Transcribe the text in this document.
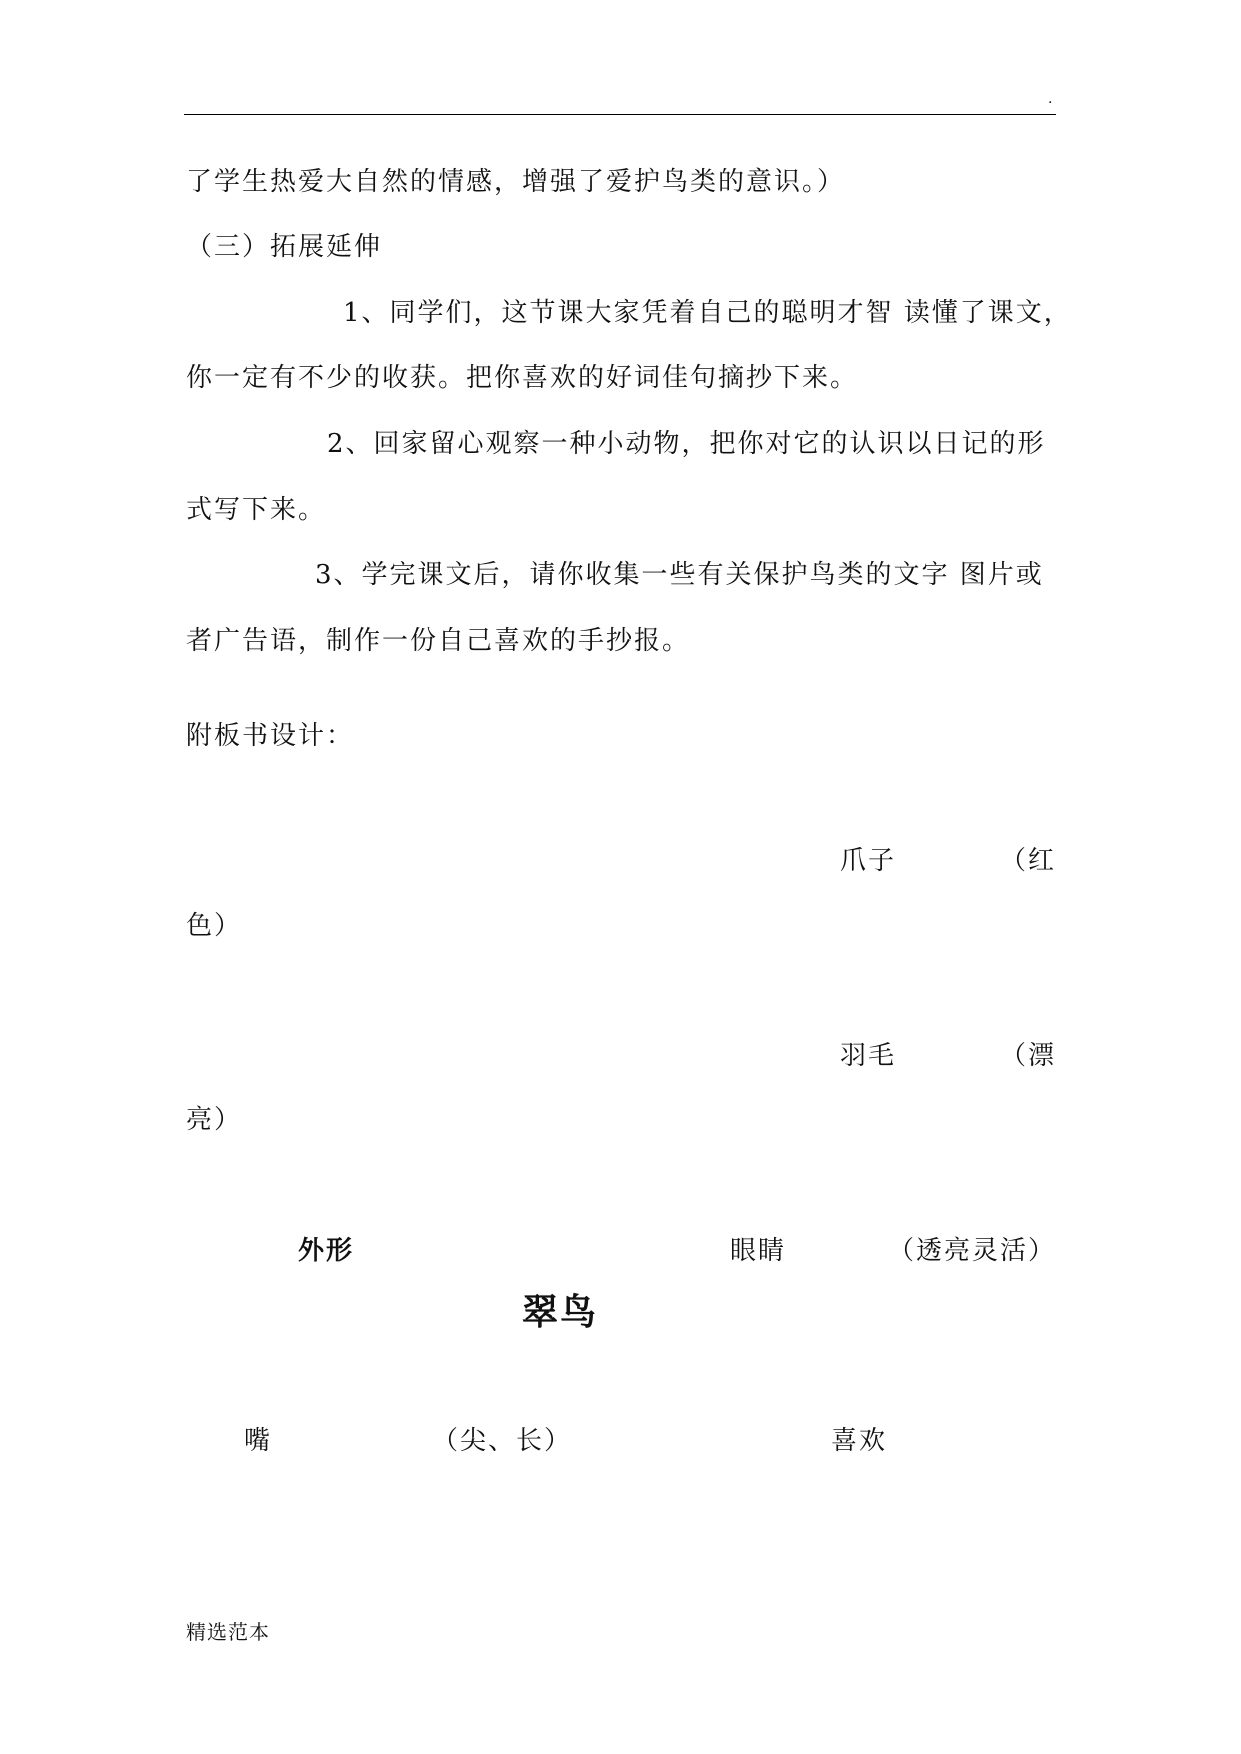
.
了学生热爱大自然的情感，增强了爱护鸟类的意识。）
（三）拓展延伸
1、同学们，这节课大家凭着自己的聪明才智 读懂了课文，
你一定有不少的收获。把你喜欢的好词佳句摘抄下来。
2、回家留心观察一种小动物，把你对它的认识以日记的形
式写下来。
3、学完课文后，请你收集一些有关保护鸟类的文字 图片或
者广告语，制作一份自己喜欢的手抄报。
附板书设计：
爪子	（红
色）
羽毛	（漂
亮）
外形	眼睛	（透亮灵活）
翠鸟
嘴	（尖、长）	喜欢
精选范本
